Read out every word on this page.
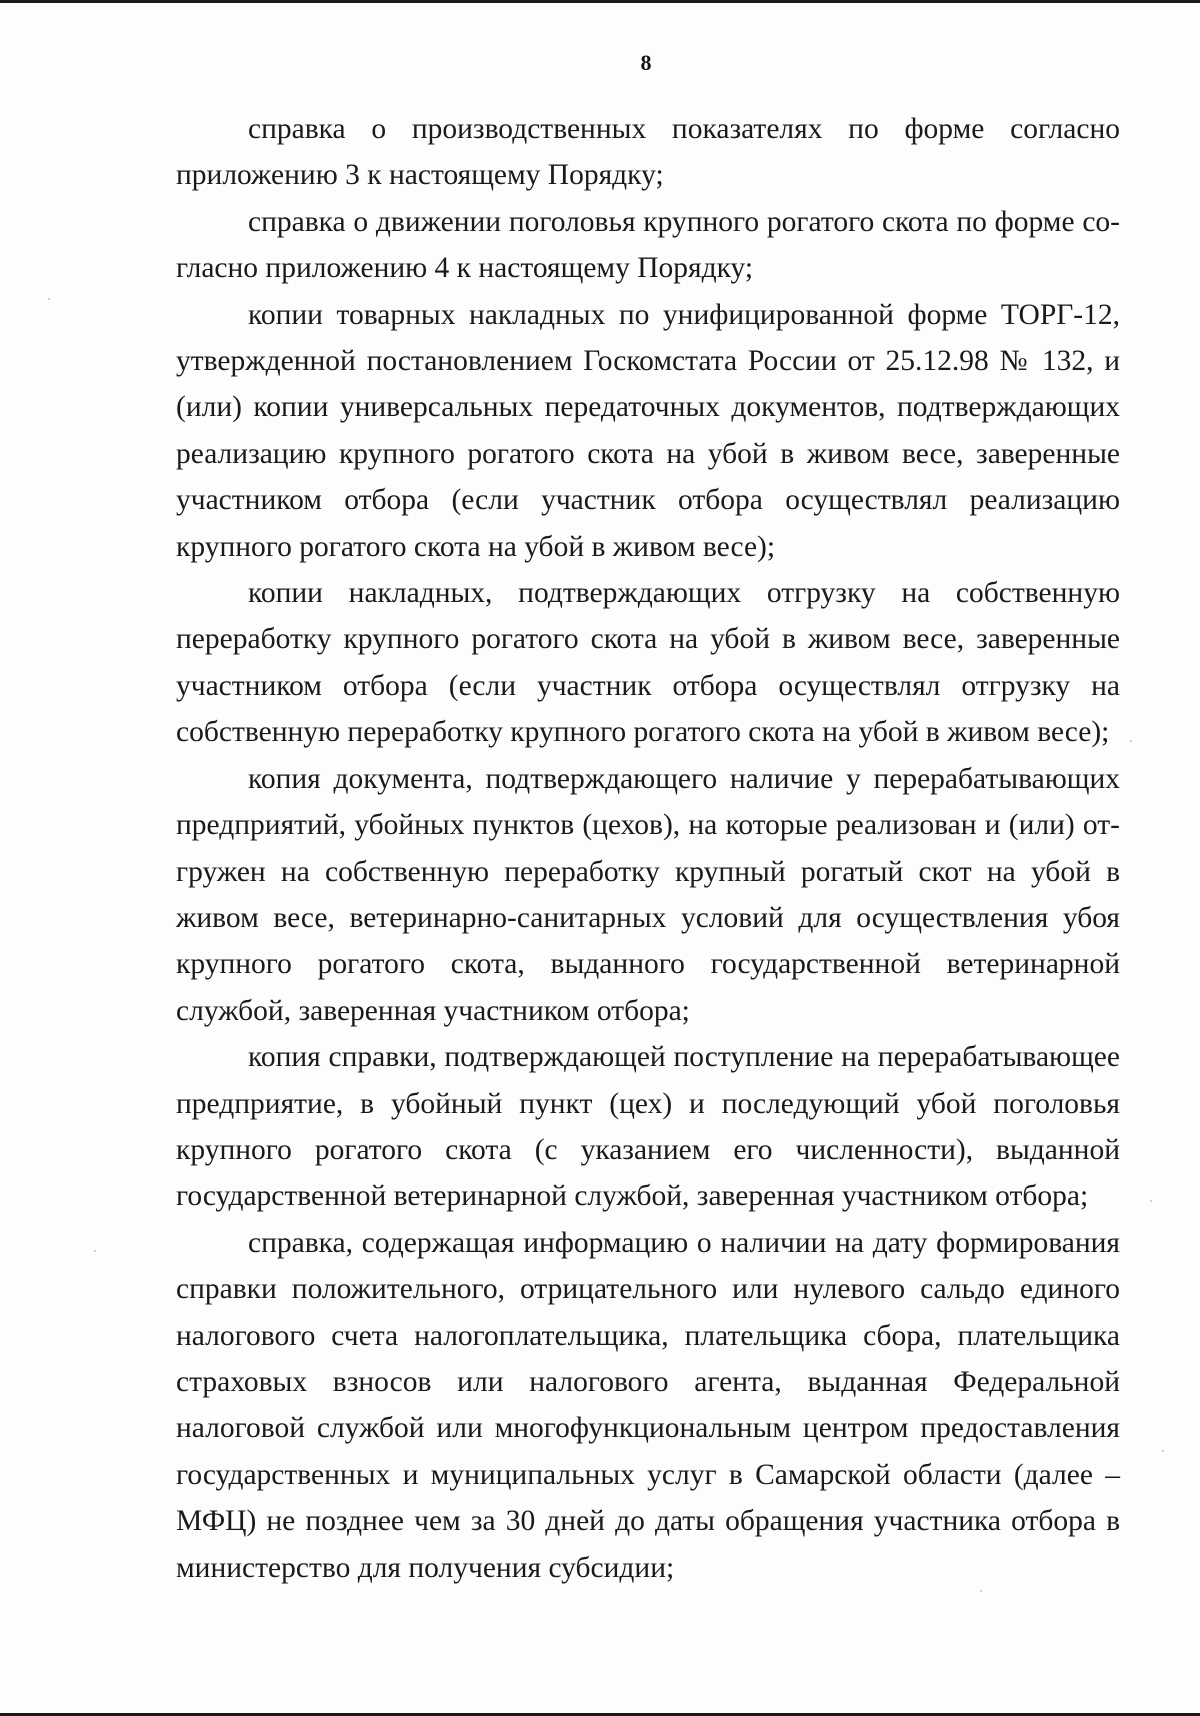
8

справка о производственных показателях по форме согласно приложению 3 к настоящему Порядку;

справка о движении поголовья крупного рогатого скота по форме согласно приложению 4 к настоящему Порядку;

копии товарных накладных по унифицированной форме ТОРГ-12, утвержденной постановлением Госкомстата России от 25.12.98 № 132, и (или) копии универсальных передаточных документов, подтверждающих реализацию крупного рогатого скота на убой в живом весе, заверенные участником отбора (если участник отбора осуществлял реализацию крупного рогатого скота на убой в живом весе);

копии накладных, подтверждающих отгрузку на собственную переработку крупного рогатого скота на убой в живом весе, заверенные участником отбора (если участник отбора осуществлял отгрузку на собственную переработку крупного рогатого скота на убой в живом весе);

копия документа, подтверждающего наличие у перерабатывающих предприятий, убойных пунктов (цехов), на которые реализован и (или) отгружен на собственную переработку крупный рогатый скот на убой в живом весе, ветеринарно-санитарных условий для осуществления убоя крупного рогатого скота, выданного государственной ветеринарной службой, заверенная участником отбора;

копия справки, подтверждающей поступление на перерабатывающее предприятие, в убойный пункт (цех) и последующий убой поголовья крупного рогатого скота (с указанием его численности), выданной государственной ветеринарной службой, заверенная участником отбора;

справка, содержащая информацию о наличии на дату формирования справки положительного, отрицательного или нулевого сальдо единого налогового счета налогоплательщика, плательщика сбора, плательщика страховых взносов или налогового агента, выданная Федеральной налоговой службой или многофункциональным центром предоставления государственных и муниципальных услуг в Самарской области (далее – МФЦ) не позднее чем за 30 дней до даты обращения участника отбора в министерство для получения субсидии;
